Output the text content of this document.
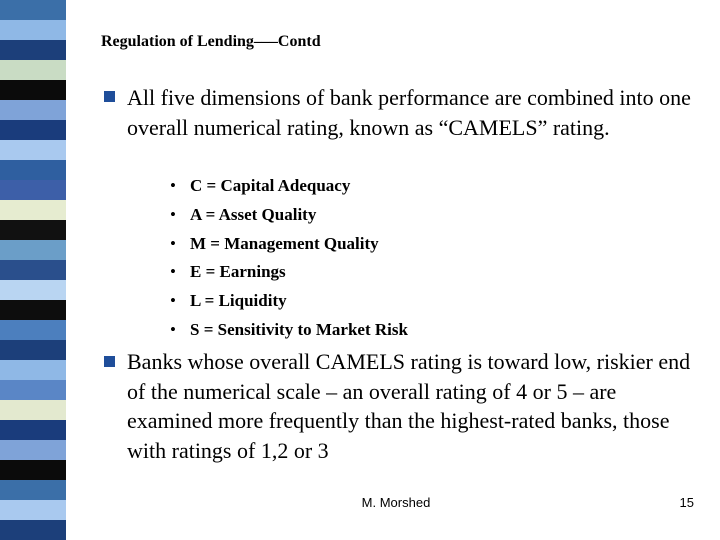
Regulation of Lending–––Contd
All five dimensions of bank performance are combined into one overall numerical rating, known as “CAMELS” rating.
• C = Capital Adequacy
• A = Asset Quality
• M = Management Quality
• E = Earnings
• L = Liquidity
• S = Sensitivity to Market Risk
Banks whose overall CAMELS rating is toward low, riskier end of the numerical scale – an overall rating of 4 or 5 – are examined more frequently than the highest-rated banks, those with ratings of 1,2 or 3
M. Morshed	15
